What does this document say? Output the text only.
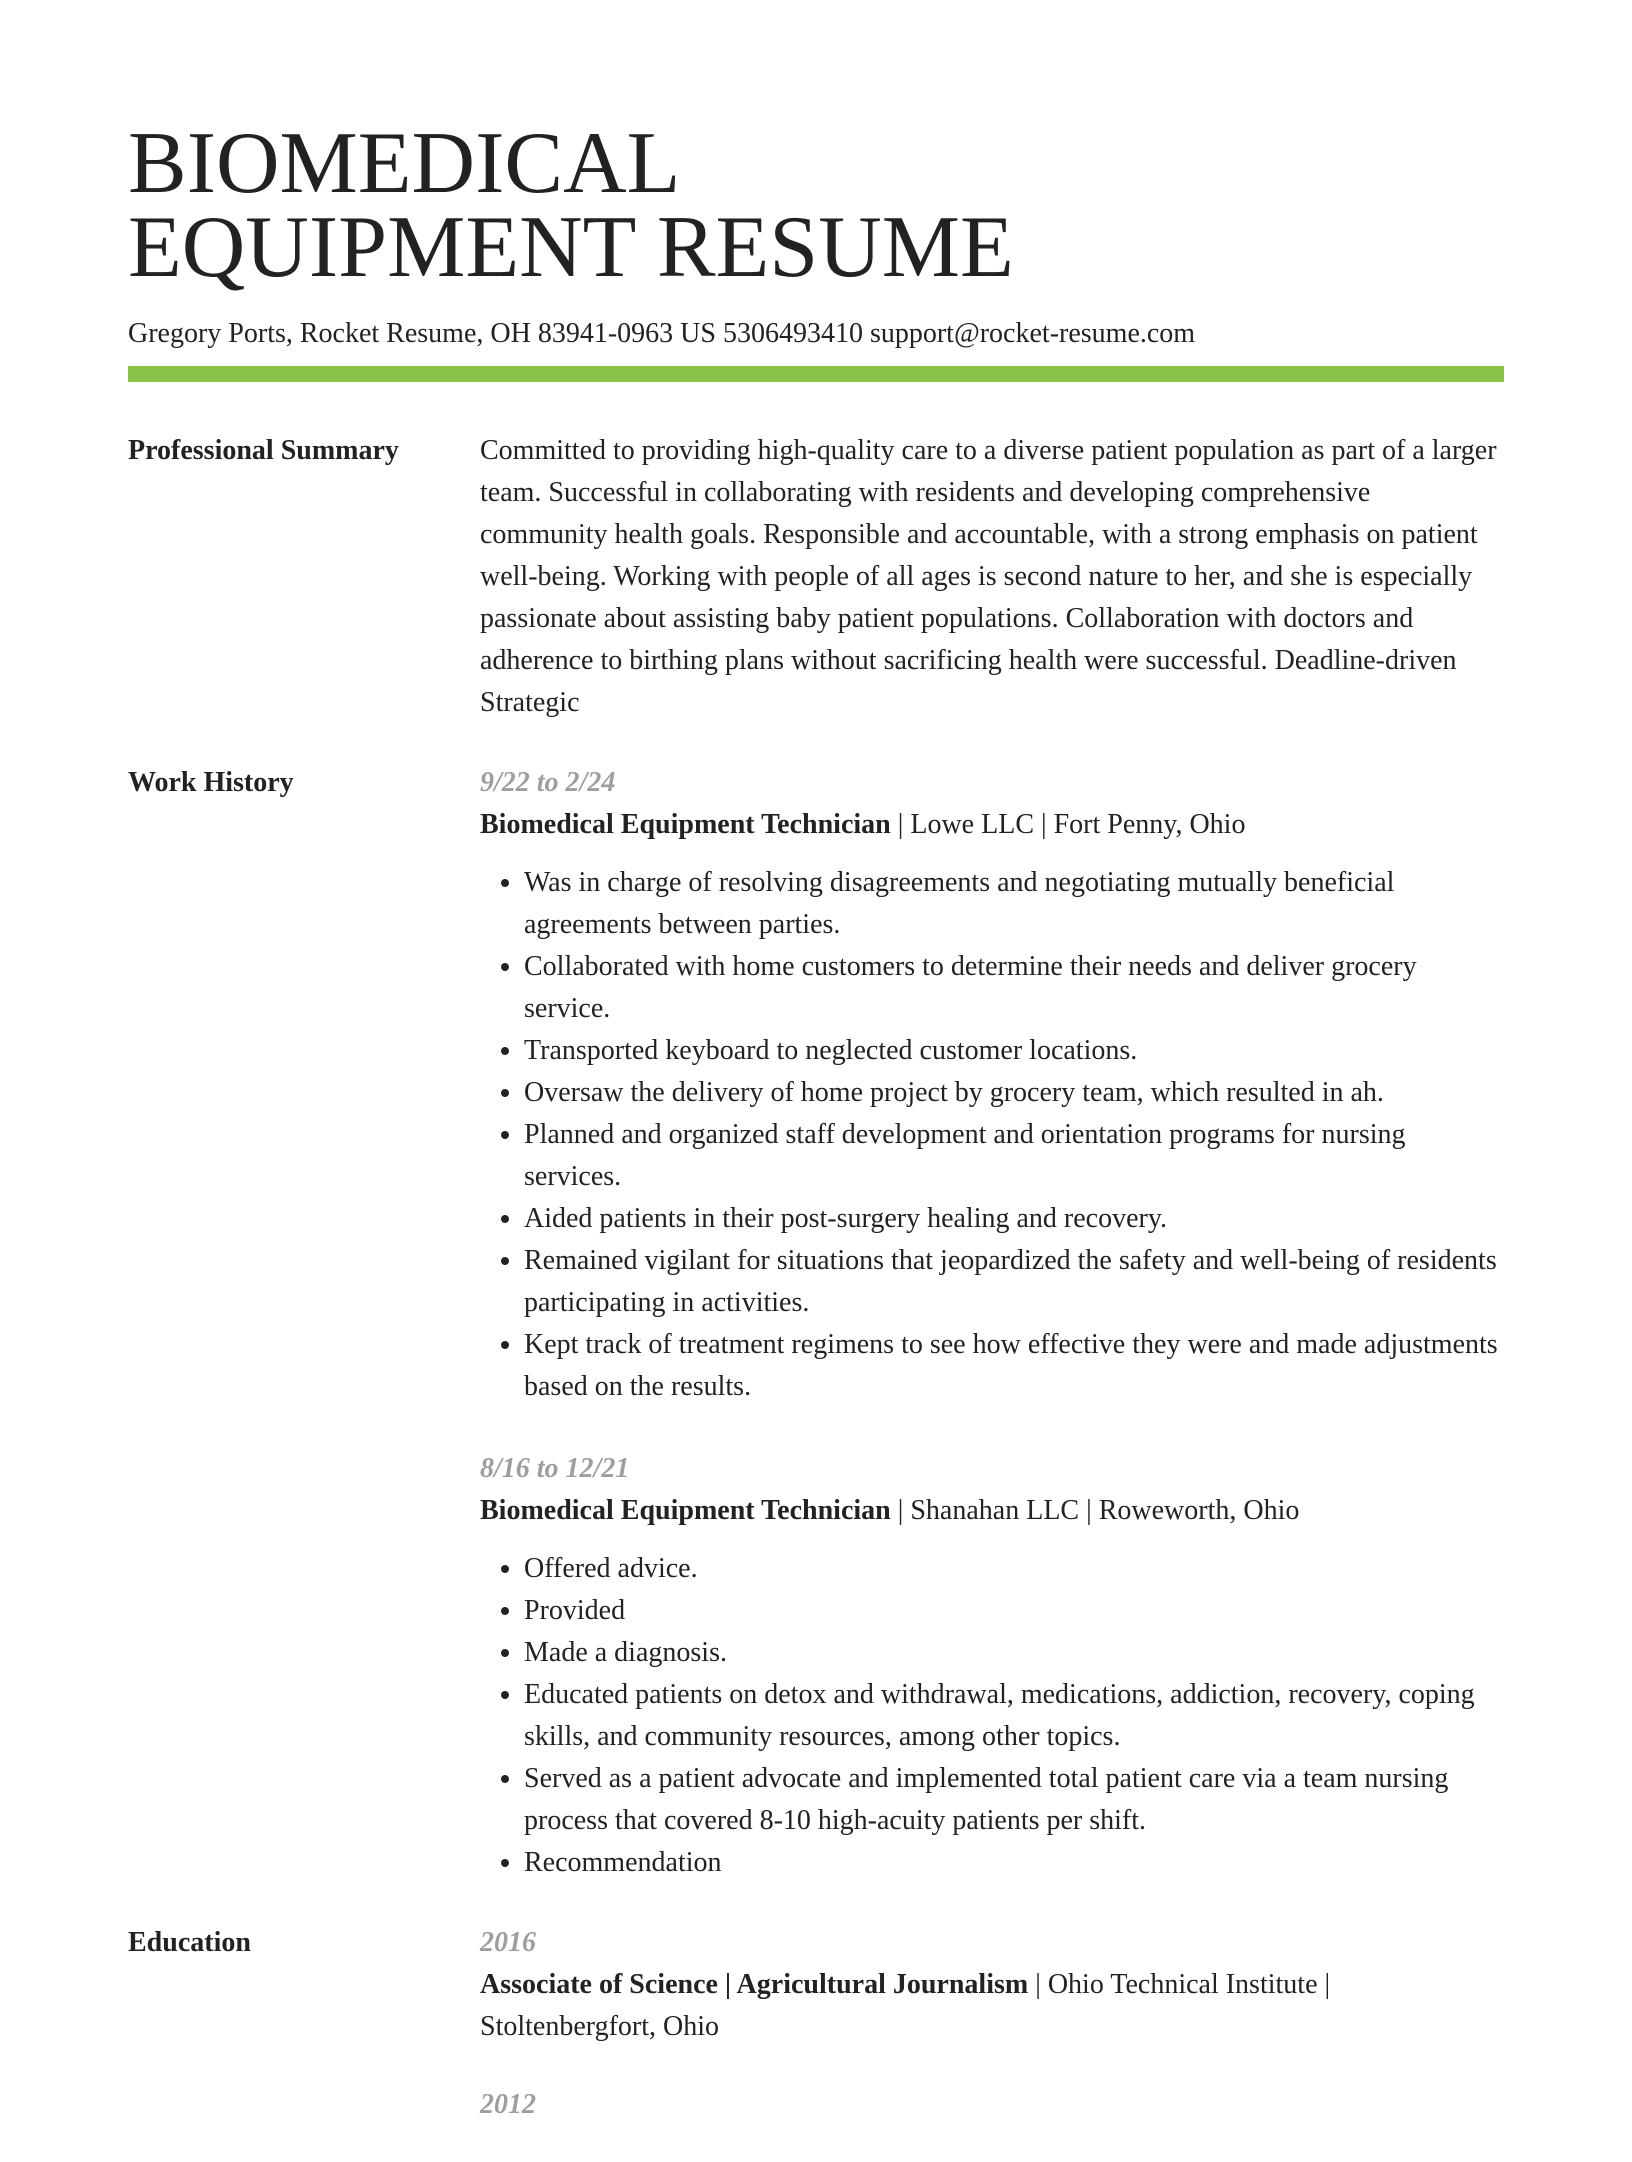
BIOMEDICAL
EQUIPMENT RESUME
Gregory Ports, Rocket Resume, OH 83941-0963 US 5306493410 support@rocket-resume.com
Professional Summary	Committed to providing high-quality care to a diverse patient population as part of a larger team. Successful in collaborating with residents and developing comprehensive community health goals. Responsible and accountable, with a strong emphasis on patient well-being. Working with people of all ages is second nature to her, and she is especially passionate about assisting baby patient populations. Collaboration with doctors and adherence to birthing plans without sacrificing health were successful. Deadline-driven Strategic

Work History	9/22 to 2/24
Biomedical Equipment Technician | Lowe LLC | Fort Penny, Ohio
• Was in charge of resolving disagreements and negotiating mutually beneficial agreements between parties.
• Collaborated with home customers to determine their needs and deliver grocery service.
• Transported keyboard to neglected customer locations.
• Oversaw the delivery of home project by grocery team, which resulted in ah.
• Planned and organized staff development and orientation programs for nursing services.
• Aided patients in their post-surgery healing and recovery.
• Remained vigilant for situations that jeopardized the safety and well-being of residents participating in activities.
• Kept track of treatment regimens to see how effective they were and made adjustments based on the results.
8/16 to 12/21
Biomedical Equipment Technician | Shanahan LLC | Roweworth, Ohio
• Offered advice.
• Provided
• Made a diagnosis.
• Educated patients on detox and withdrawal, medications, addiction, recovery, coping skills, and community resources, among other topics.
• Served as a patient advocate and implemented total patient care via a team nursing process that covered 8-10 high-acuity patients per shift.
• Recommendation
Education	2016
Associate of Science | Agricultural Journalism | Ohio Technical Institute | Stoltenbergfort, Ohio
2012
